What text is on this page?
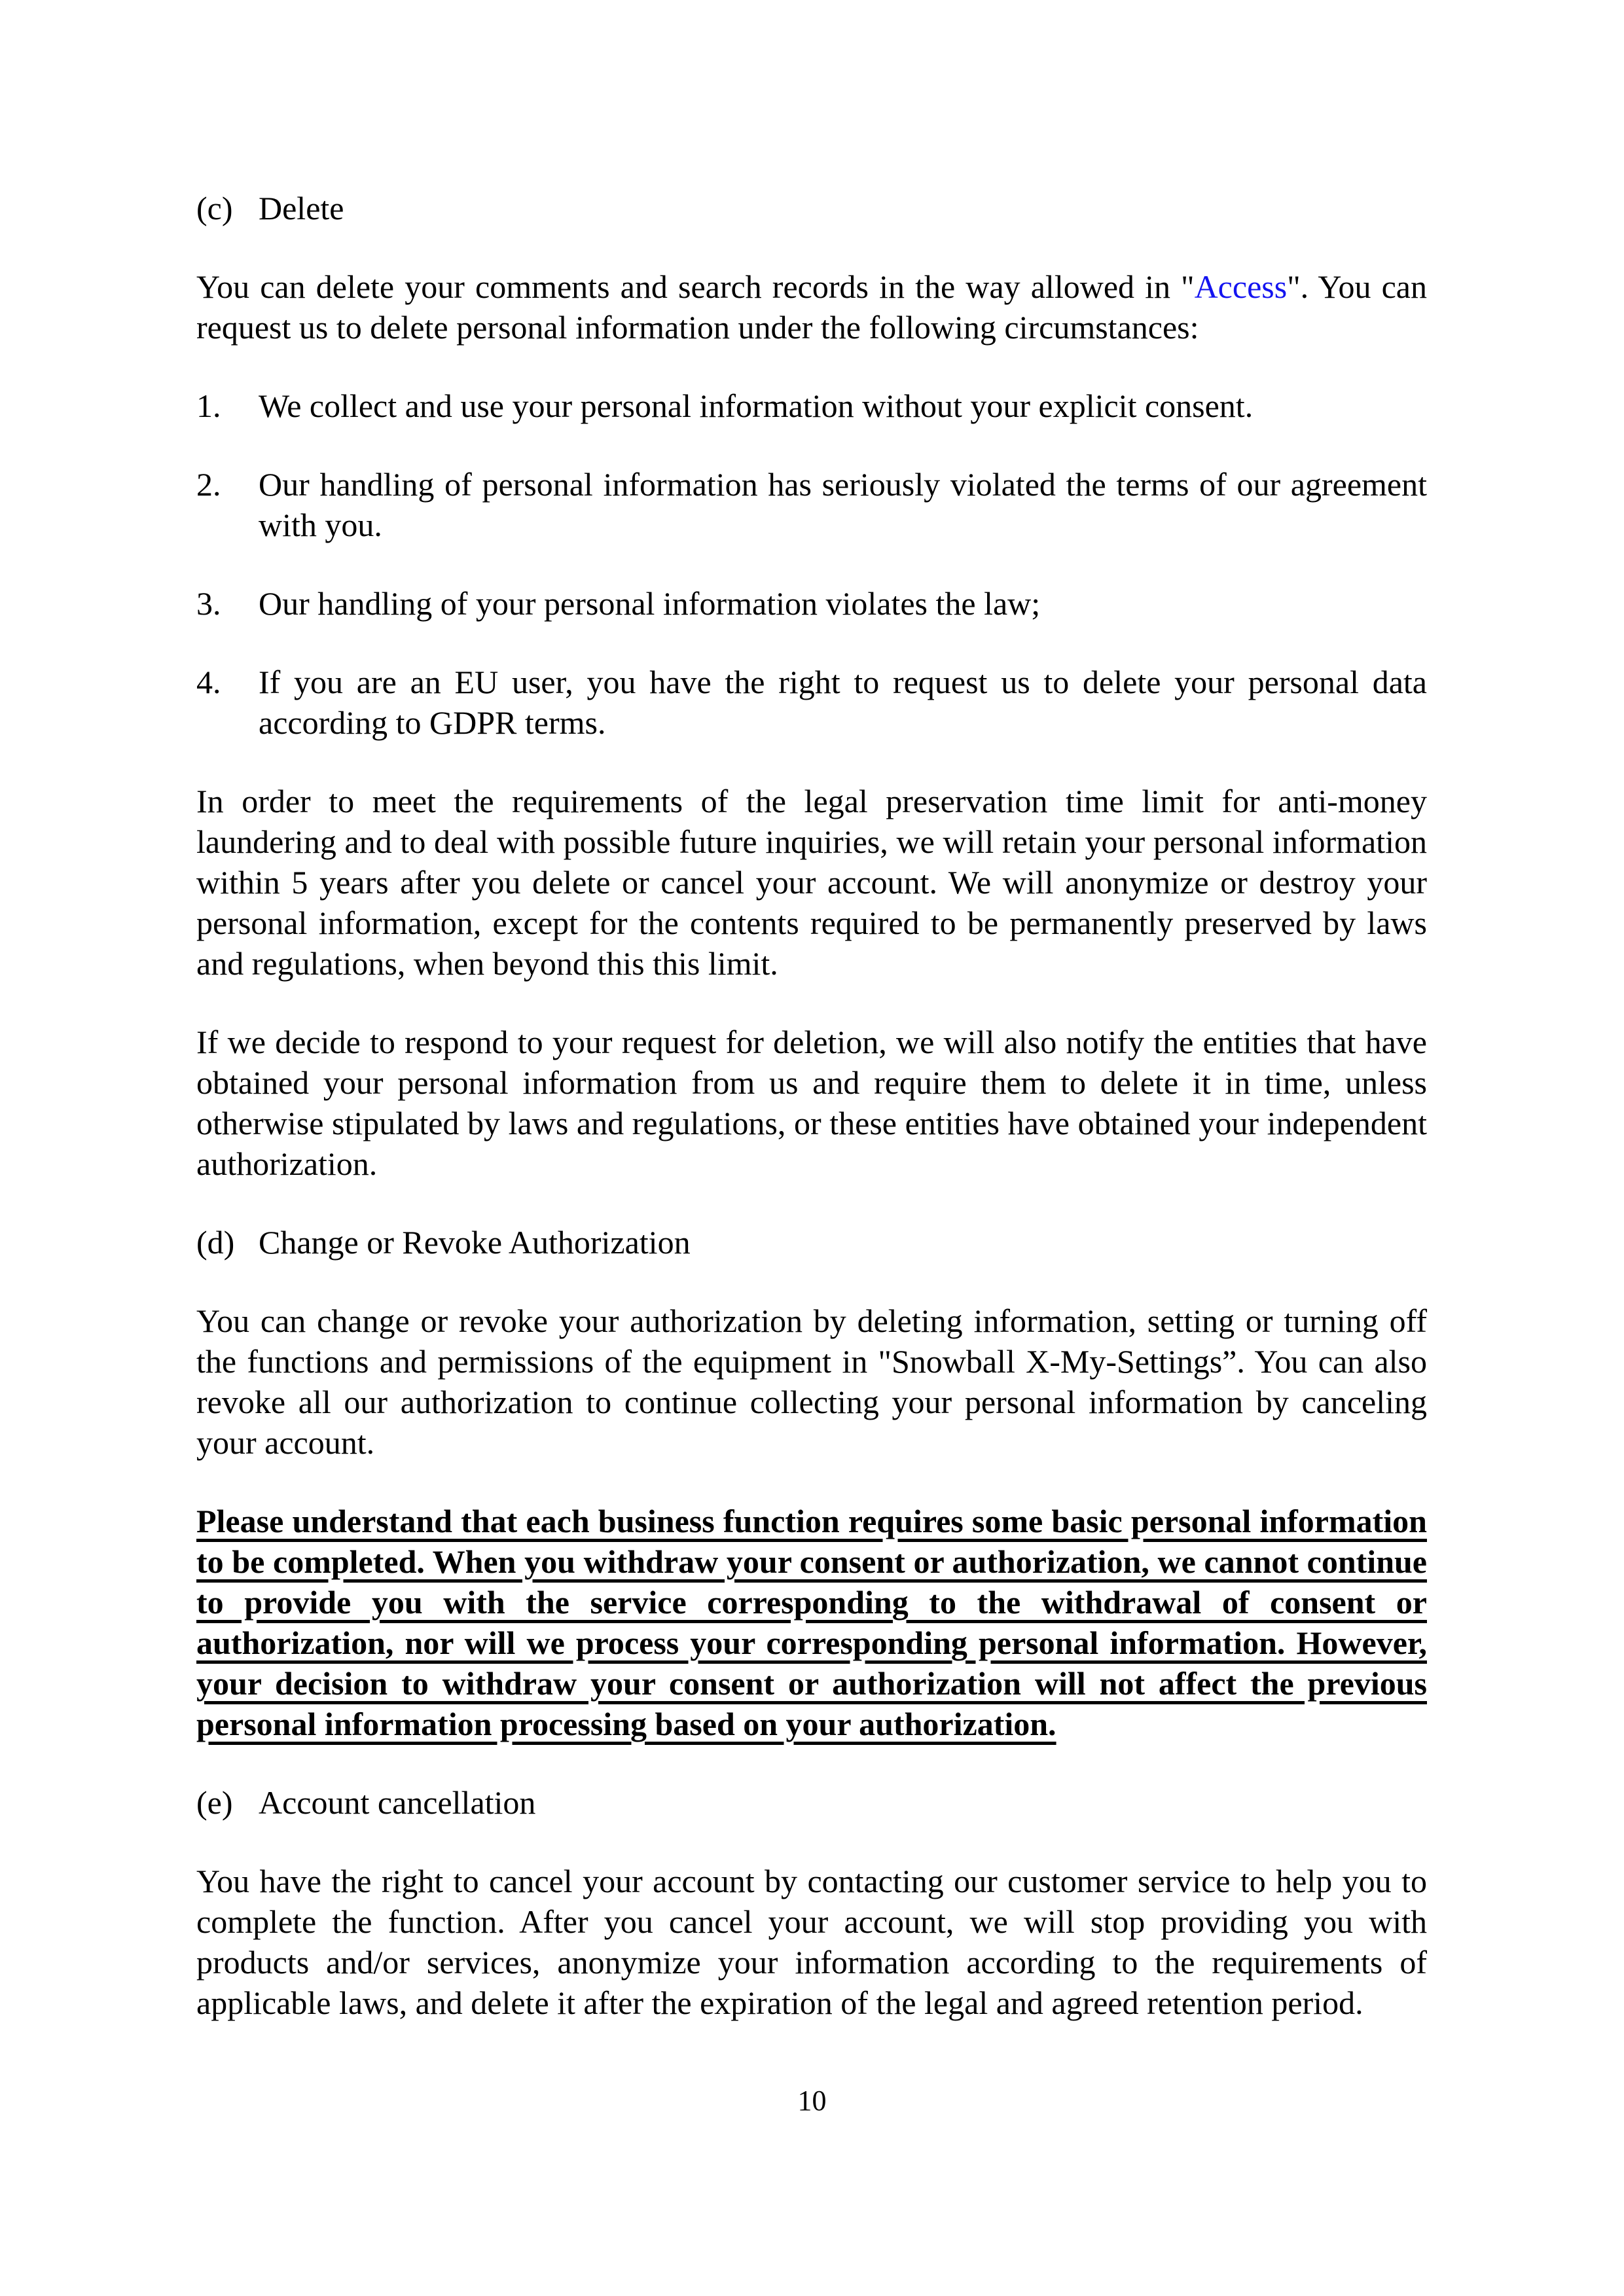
(c) Delete

You can delete your comments and search records in the way allowed in "Access". You can request us to delete personal information under the following circumstances:

1. We collect and use your personal information without your explicit consent.

2. Our handling of personal information has seriously violated the terms of our agreement with you.

3. Our handling of your personal information violates the law;

4. If you are an EU user, you have the right to request us to delete your personal data according to GDPR terms.

In order to meet the requirements of the legal preservation time limit for anti-money laundering and to deal with possible future inquiries, we will retain your personal information within 5 years after you delete or cancel your account. We will anonymize or destroy your personal information, except for the contents required to be permanently preserved by laws and regulations, when beyond this this limit.

If we decide to respond to your request for deletion, we will also notify the entities that have obtained your personal information from us and require them to delete it in time, unless otherwise stipulated by laws and regulations, or these entities have obtained your independent authorization.

(d) Change or Revoke Authorization

You can change or revoke your authorization by deleting information, setting or turning off the functions and permissions of the equipment in "Snowball X-My-Settings”. You can also revoke all our authorization to continue collecting your personal information by canceling your account.

Please understand that each business function requires some basic personal information to be completed. When you withdraw your consent or authorization, we cannot continue to provide you with the service corresponding to the withdrawal of consent or authorization, nor will we process your corresponding personal information. However, your decision to withdraw your consent or authorization will not affect the previous personal information processing based on your authorization.

(e) Account cancellation

You have the right to cancel your account by contacting our customer service to help you to complete the function. After you cancel your account, we will stop providing you with products and/or services, anonymize your information according to the requirements of applicable laws, and delete it after the expiration of the legal and agreed retention period.

10
